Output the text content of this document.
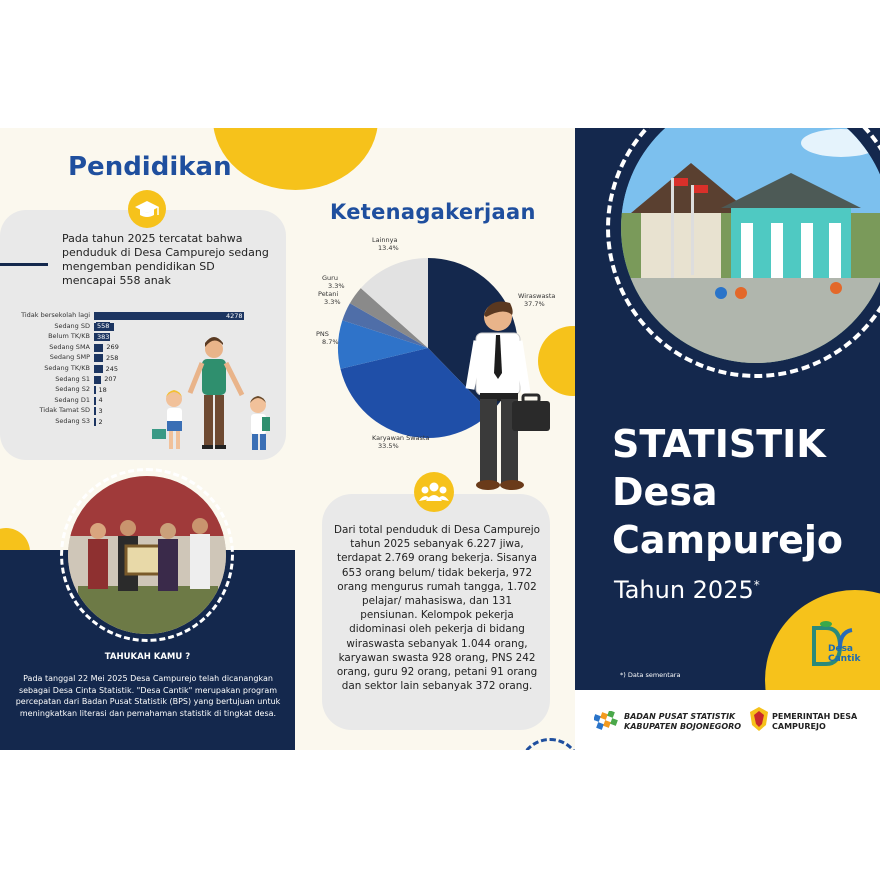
Pendidikan
Pada tahun 2025 tercatat bahwa penduduk di Desa Campurejo sedang mengemban pendidikan SD mencapai 558 anak
Tidak bersekolah lagi	4278
Sedang SD 558
Belum TK/KB 383
Sedang SMA	269
Sedang SMP 258
Sedang TK/KB 245
Sedang S1 207
Sedang S2 18
Sedang D1 4
Tidak Tamat SD 3
Sedang S3 2
TAHUKAH KAMU ?
Pada tanggal 22 Mei 2025 Desa Campurejo telah dicanangkan sebagai Desa Cinta Statistik. "Desa Cantik" merupakan program percepatan dari Badan Pusat Statistik (BPS) yang bertujuan untuk meningkatkan literasi dan pemahaman statistik di tingkat desa.
Ketenagakerjaan
Wiraswasta
37.7%
Karyawan Swasta
33.5%
PNS
8.7%
Petani
3.3%
Guru
3.3%
Lainnya
13.4%
Dari total penduduk di Desa Campurejo tahun 2025 sebanyak 6.227 jiwa, terdapat 2.769 orang bekerja. Sisanya 653 orang belum/ tidak bekerja, 972 orang mengurus rumah tangga, 1.702 pelajar/ mahasiswa, dan 131 pensiunan. Kelompok pekerja didominasi oleh pekerja di bidang wiraswasta sebanyak 1.044 orang, karyawan swasta 928 orang, PNS 242 orang, guru 92 orang, petani 91 orang dan sektor lain sebanyak 372 orang.
STATISTIK
Desa
Campurejo
Tahun 2025*
*) Data sementara
Desa Cantik
BADAN PUSAT STATISTIK
KABUPATEN BOJONEGORO
PEMERINTAH DESA
CAMPUREJO
